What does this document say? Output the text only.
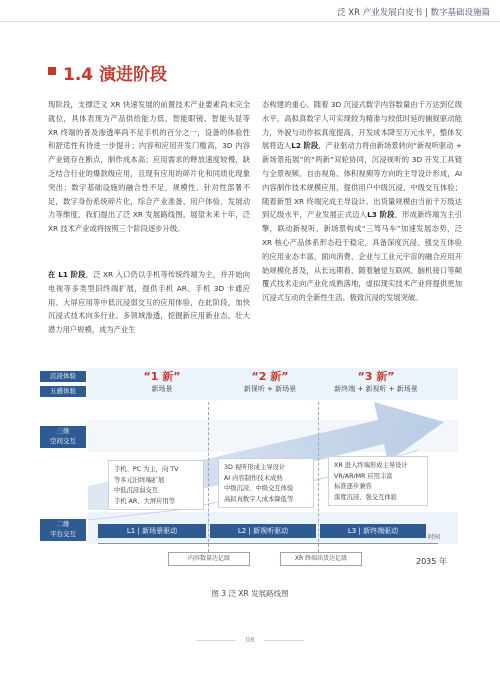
泛 XR 产业发展白皮书 | 数字基础设施篇
1.4 演进阶段
现阶段，支撑泛义 XR 快速发展的前置技术产业要素尚未完全就位，具体表现为产品供给能力低，智能眼镜、智能头显等 XR 终端的普及渗透率尚不足手机的百分之一，设备的体验性和舒适性有待进一步提升；内容和应用开发门槛高，3D 内容产业链存在断点，制作成本高；应用需求的释放速度较慢，缺乏结合行业的爆款级应用，且现有应用的碎片化和同质化现象突出；数字基础设施的融合性不足，规模性、针对性部署不足，数字身份系统碎片化，综合产业准备、用户体验、发展动力等维度，我们提出了泛 XR 发展路线图，展望未来十年，泛 XR 技术产业或将按照三个阶段逐步升级。
在 L1 阶段，泛 XR 入口仍以手机等传统终端为主，并开始向电视等多类型旧终端扩展，提供手机 AR、手机 3D 卡通应用、大屏应用等中低沉浸弱交互的应用体验，在此阶段，加快沉浸式技术向多行业、多领域渗透，挖掘新应用新业态，壮大潜力用户规模，成为产业生
态构建的重心。随着 3D 沉浸式数字内容数量由千万达到亿级水平，高拟真数字人可实现较为精准与较低时延的捕捉驱动能力，外貌与动作拟真度提高，开发成本降至万元水平，整体发展将迈入L2 阶段，产业驱动力将由新场景转向“新视听驱动 + 新场景拓展”的“两新”双轮协同，沉浸视听的 3D 开发工具链与全景视频、自由视角、体积视频等方向的主导设计形成，AI 内容制作技术规模应用，提供用户中级沉浸、中级交互体验；随着新型 XR 终端完成主导设计、出货量规模由当前千万级达到亿级水平，产业发展正式迈入L3 阶段，形成新终端为主引擎，联动新视听、新场景构成“三驾马车”加速发展态势，泛 XR 核心产品体系形态趋于稳定，具备深度沉浸、强交互体验的应用业态丰富，面向消费、企业与工业元宇宙的融合应用开始规模化普及，从长远期看，随着触觉互联网、脑机接口等颠覆式技术走向产业化成熟落地，虚拟现实技术产业将提供更加沉浸式互动的全新性生活、极致沉浸的发展突破。
沉浸体验
五感体验
三维
空间交互
二维
平台交互
“1 新”
新场景
“2 新”
新视听 + 新场景
“3 新”
新终端 + 新视听 + 新场景
手机、PC 为主，向 TV
等多元旧终端扩展
中低沉浸弱交互
手机 AR、大屏应用等
3D 视听形成主导设计
AI 内容制作技术成熟
中级沉浸、中级交互体验
高拟真数字人成本降低等
XR 进入终端形成主导设计
VR/AR/MR 应用丰富
标准逐步兼容
深度沉浸、强交互体验
L1 | 新场景驱动	L2 | 新视听驱动	L3 | 新终端驱动
时间
2035 年
内容数量达亿级	XR 终端出货达亿级
图 3 泛 XR 发展路线图
08
